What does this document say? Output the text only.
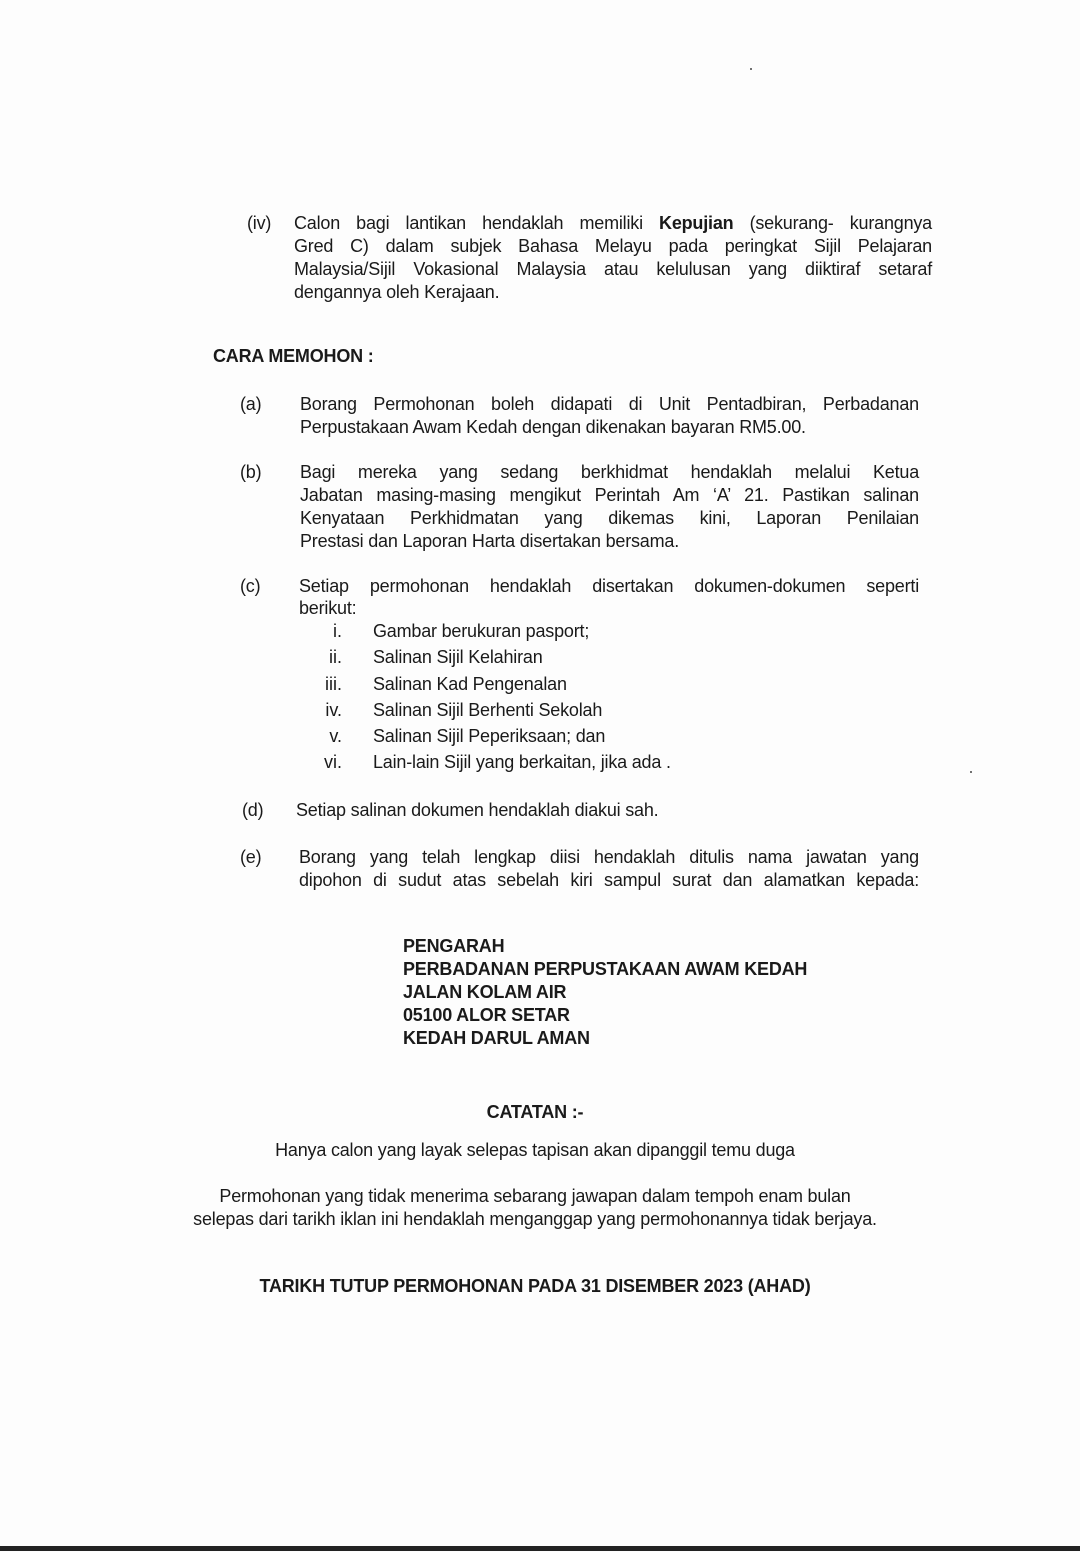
(iv) Calon bagi lantikan hendaklah memiliki Kepujian (sekurang- kurangnya
Gred C) dalam subjek Bahasa Melayu pada peringkat Sijil Pelajaran
Malaysia/Sijil Vokasional Malaysia atau kelulusan yang diiktiraf setaraf
dengannya oleh Kerajaan.
CARA MEMOHON :
(a) Borang Permohonan boleh didapati di Unit Pentadbiran, Perbadanan
Perpustakaan Awam Kedah dengan dikenakan bayaran RM5.00.
(b) Bagi mereka yang sedang berkhidmat hendaklah melalui Ketua
Jabatan masing-masing mengikut Perintah Am ‘A’ 21. Pastikan salinan
Kenyataan Perkhidmatan yang dikemas kini, Laporan Penilaian
Prestasi dan Laporan Harta disertakan bersama.
(c) Setiap permohonan hendaklah disertakan dokumen-dokumen seperti
berikut:
i. Gambar berukuran pasport;
ii. Salinan Sijil Kelahiran
iii. Salinan Kad Pengenalan
iv. Salinan Sijil Berhenti Sekolah
v. Salinan Sijil Peperiksaan; dan
vi. Lain-lain Sijil yang berkaitan, jika ada .
(d) Setiap salinan dokumen hendaklah diakui sah.
(e) Borang yang telah lengkap diisi hendaklah ditulis nama jawatan yang
dipohon di sudut atas sebelah kiri sampul surat dan alamatkan kepada:
PENGARAH
PERBADANAN PERPUSTAKAAN AWAM KEDAH
JALAN KOLAM AIR
05100 ALOR SETAR
KEDAH DARUL AMAN
CATATAN :-
Hanya calon yang layak selepas tapisan akan dipanggil temu duga
Permohonan yang tidak menerima sebarang jawapan dalam tempoh enam bulan
selepas dari tarikh iklan ini hendaklah menganggap yang permohonannya tidak berjaya.
TARIKH TUTUP PERMOHONAN PADA 31 DISEMBER 2023 (AHAD)
